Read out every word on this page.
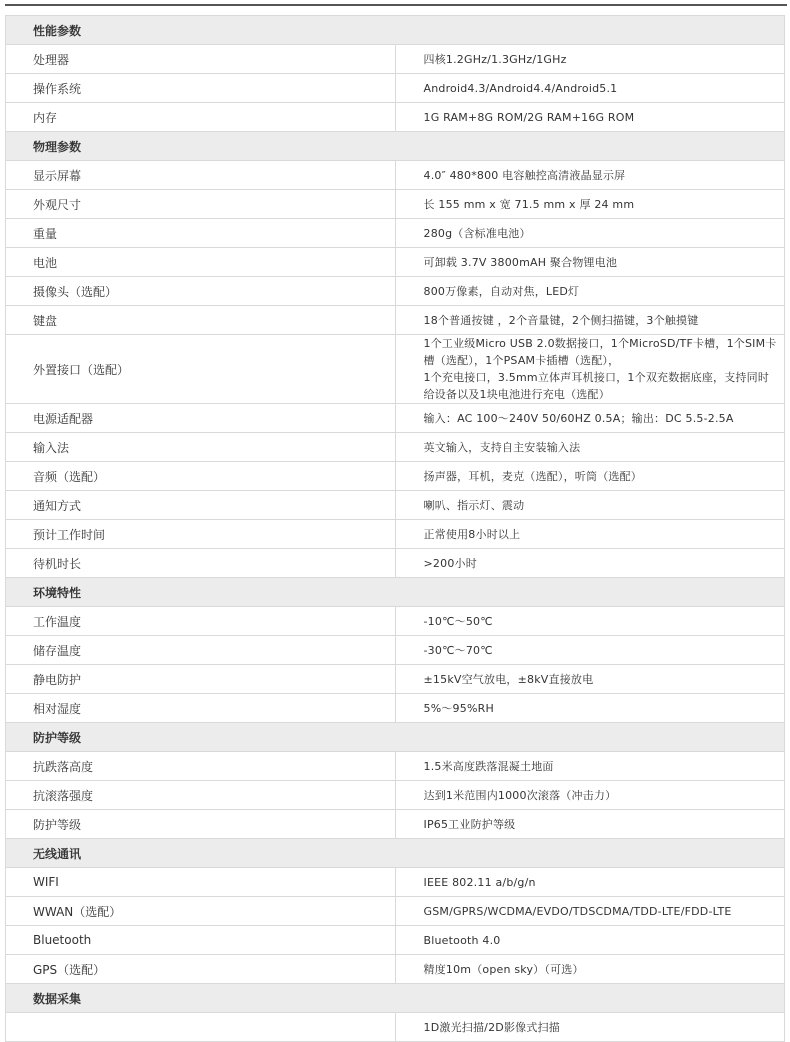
性能参数	
处理器	四核1.2GHz/1.3GHz/1GHz

操作系统	Android4.3/Android4.4/Android5.1

内存	1G RAM+8G ROM/2G RAM+16G ROM

物理参数	
显示屏幕	4.0″ 480*800 电容触控高清液晶显示屏

外观尺寸	长 155 mm x 宽 71.5 mm x 厚 24 mm

重量	280g（含标准电池）

电池	可卸载 3.7V 3800mAH 聚合物锂电池

摄像头（选配）	800万像素，自动对焦，LED灯

键盘	18个普通按键 ，2个音量键，2个侧扫描键，3个触摸键

外置接口（选配）	1个工业级Micro USB 2.0数据接口，1个MicroSD/TF卡槽，1个SIM卡槽（选配），1个PSAM卡插槽（选配），
1个充电接口，3.5mm立体声耳机接口，1个双充数据底座，支持同时给设备以及1块电池进行充电（选配）

电源适配器	输入：AC 100～240V 50/60HZ 0.5A；输出：DC 5.5-2.5A

输入法	英文输入，支持自主安装输入法

音频（选配）	扬声器，耳机，麦克（选配），听筒（选配）

通知方式	喇叭、指示灯、震动

预计工作时间	正常使用8小时以上

待机时长	>200小时

环境特性	
工作温度	-10℃～50℃

储存温度	-30℃～70℃

静电防护	±15kV空气放电，±8kV直接放电

相对湿度	5%～95%RH

防护等级	
抗跌落高度	1.5米高度跌落混凝土地面

抗滚落强度	达到1米范围内1000次滚落（冲击力）

防护等级	IP65工业防护等级

无线通讯	
WIFI	IEEE 802.11 a/b/g/n

WWAN（选配）	GSM/GPRS/WCDMA/EVDO/TDSCDMA/TDD-LTE/FDD-LTE

Bluetooth	Bluetooth 4.0

GPS（选配）	精度10m（open sky）（可选）

数据采集	

	1D激光扫描/2D影像式扫描
